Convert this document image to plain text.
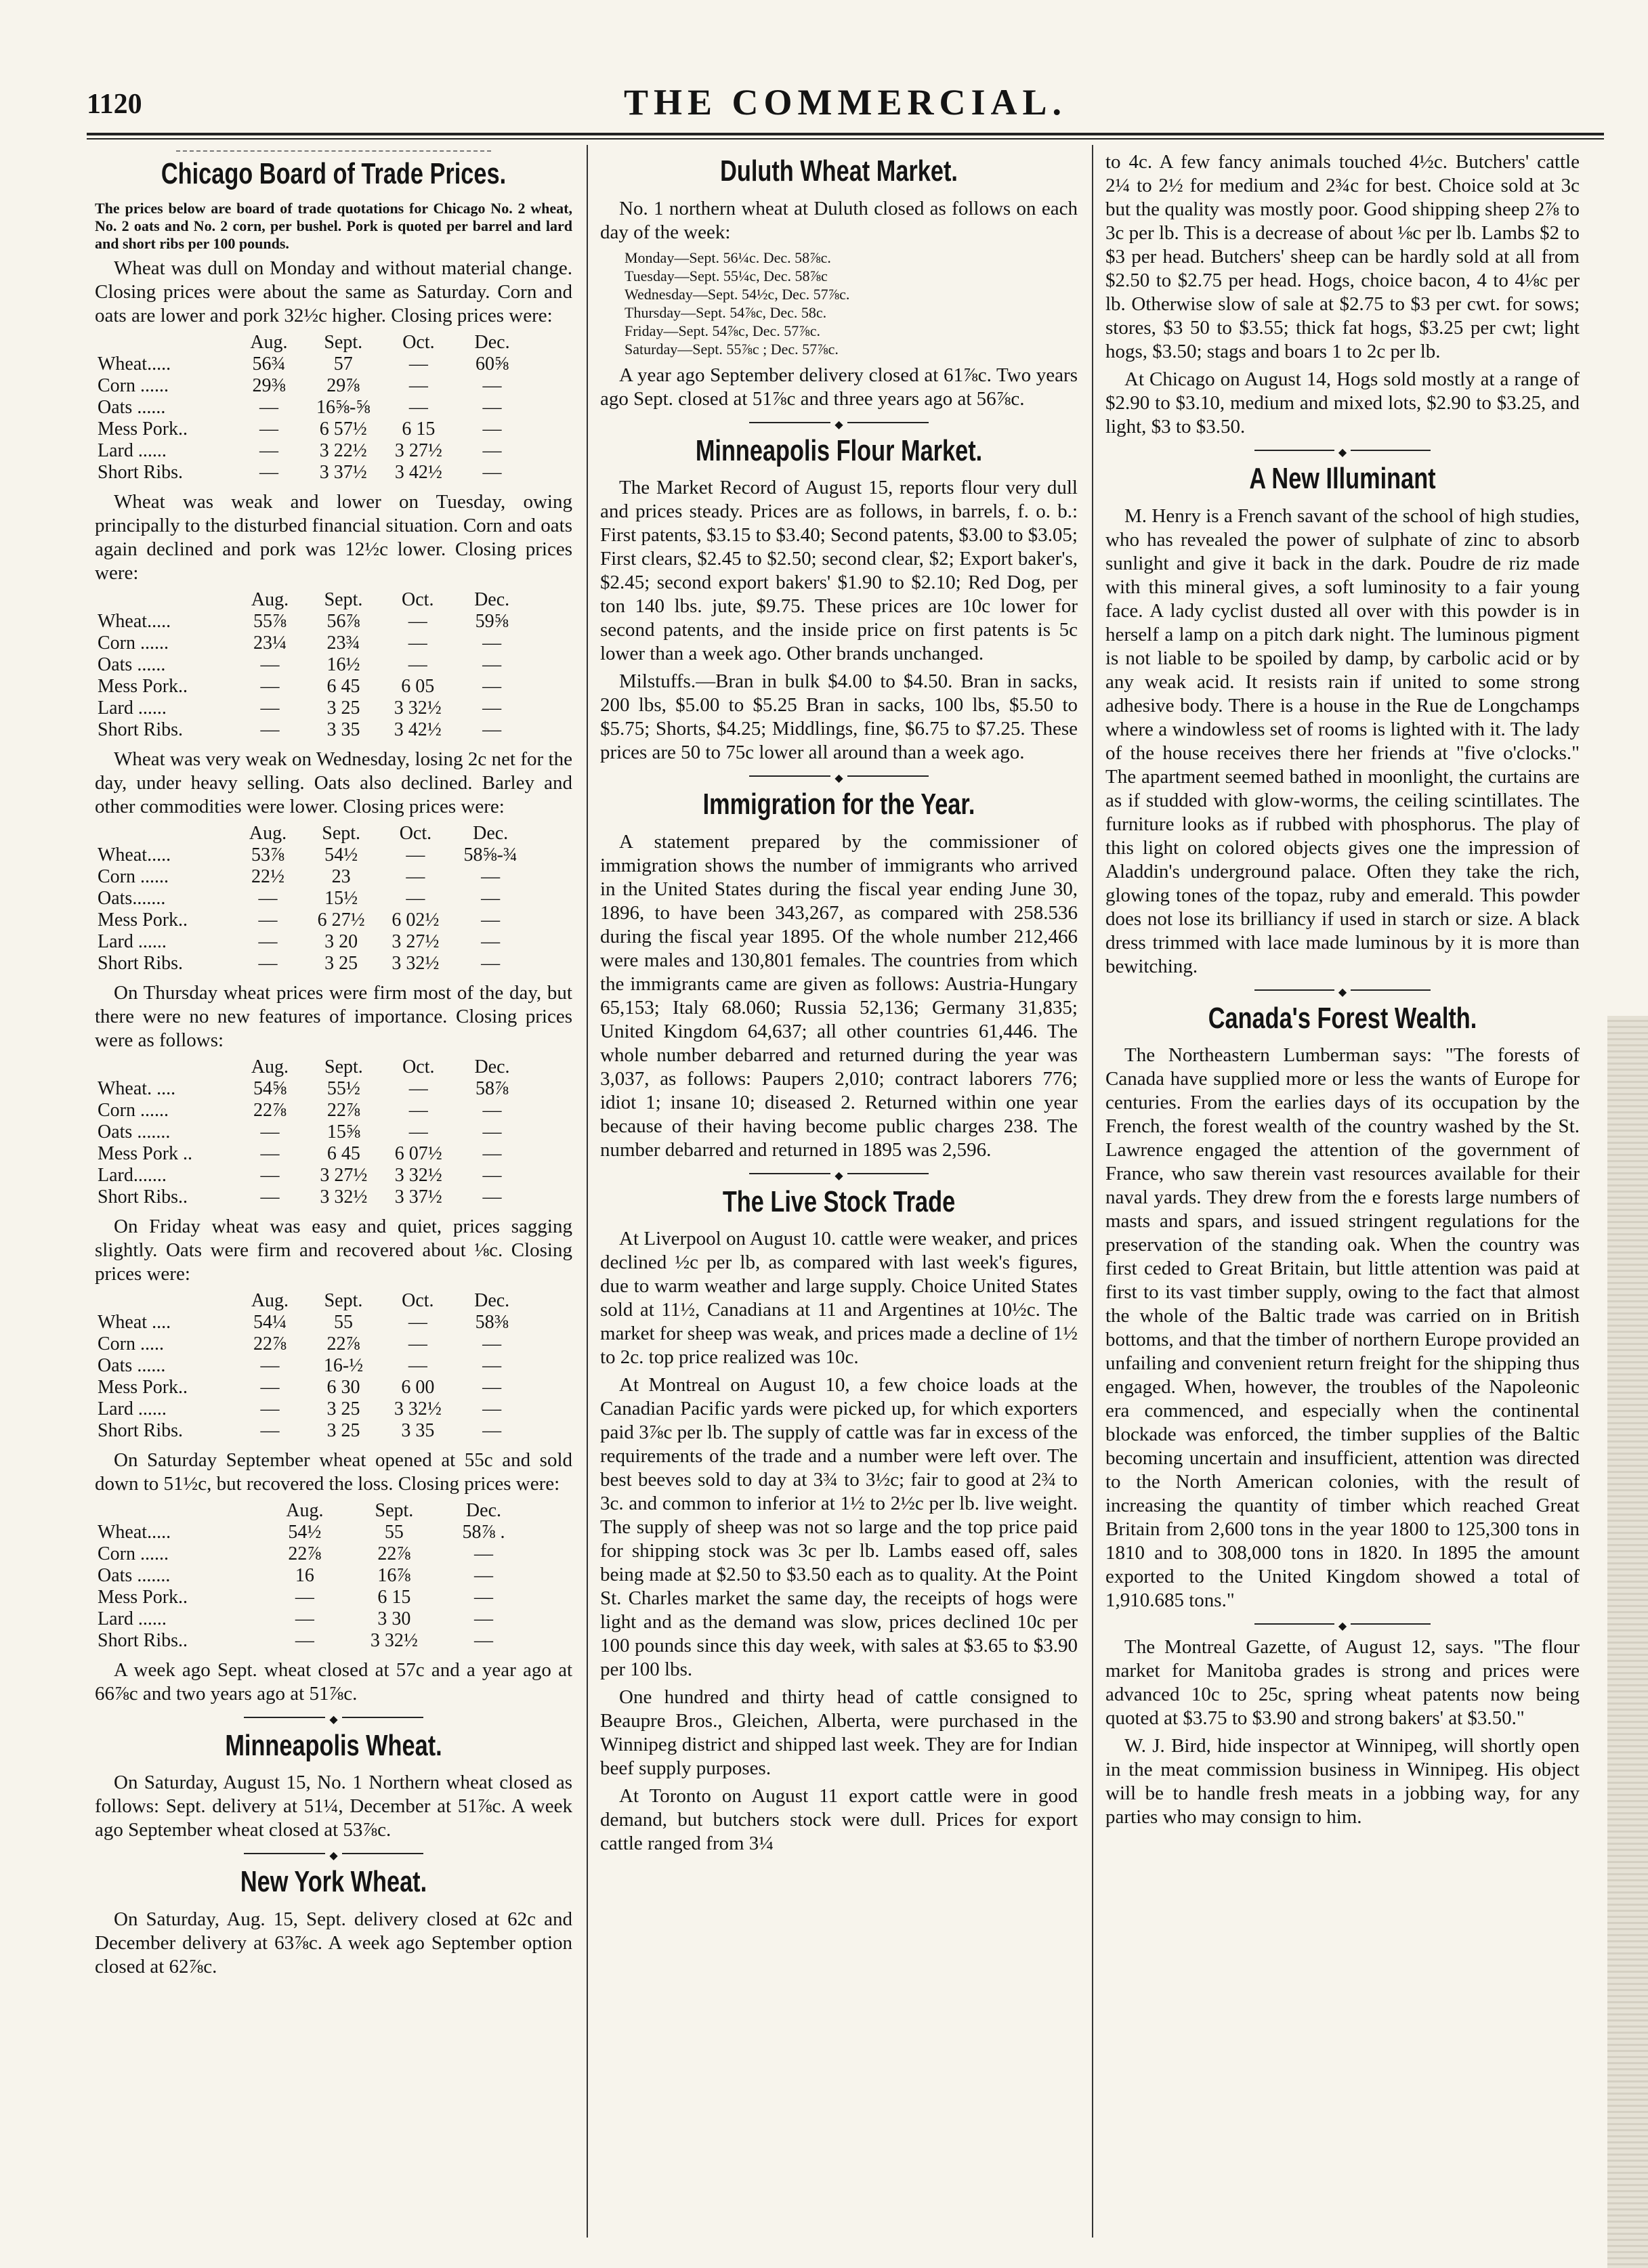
1120	THE COMMERCIAL.
Chicago Board of Trade Prices.

The prices below are board of trade quotations for Chicago No. 2 wheat, No. 2 oats and No. 2 corn, per bushel. Pork is quoted per barrel and lard and short ribs per 100 pounds.

Wheat was dull on Monday and without material change. Closing prices were about the same as Saturday. Corn and oats are lower and pork 32½c higher. Closing prices were:

	Aug.	Sept.	Oct.	Dec.
Wheat.....	56¾	57	—	60⅝
Corn ......	29⅜	29⅞	—	—
Oats ......	—	16⅝-⅝	—	—
Mess Pork..	—	6 57½	6 15	—
Lard ......	—	3 22½	3 27½	—
Short Ribs.	—	3 37½	3 42½	—

Wheat was weak and lower on Tuesday, owing principally to the disturbed financial situation. Corn and oats again declined and pork was 12½c lower. Closing prices were:

	Aug.	Sept.	Oct.	Dec.
Wheat.....	55⅞	56⅞	—	59⅝
Corn ......	23¼	23¾	—	—
Oats ......	—	16½	—	—
Mess Pork..	—	6 45	6 05	—
Lard ......	—	3 25	3 32½	—
Short Ribs.	—	3 35	3 42½	—

Wheat was very weak on Wednesday, losing 2c net for the day, under heavy selling. Oats also declined. Barley and other commodities were lower. Closing prices were:

	Aug.	Sept.	Oct.	Dec.
Wheat.....	53⅞	54½	—	58⅝-¾
Corn ......	22½	23	—	—
Oats.......	—	15½	—	—
Mess Pork..	—	6 27½	6 02½	—
Lard ......	—	3 20	3 27½	—
Short Ribs.	—	3 25	3 32½	—

On Thursday wheat prices were firm most of the day, but there were no new features of importance. Closing prices were as follows:

	Aug.	Sept.	Oct.	Dec.
Wheat. ....	54⅝	55½	—	58⅞
Corn ......	22⅞	22⅞	—	—
Oats .......	—	15⅝	—	—
Mess Pork ..	—	6 45	6 07½	—
Lard.......	—	3 27½	3 32½	—
Short Ribs..	—	3 32½	3 37½	—

On Friday wheat was easy and quiet, prices sagging slightly. Oats were firm and recovered about ⅛c. Closing prices were:

	Aug.	Sept.	Oct.	Dec.
Wheat ....	54¼	55	—	58⅜
Corn .....	22⅞	22⅞	—	—
Oats ......	—	16-½	—	—
Mess Pork..	—	6 30	6 00	—
Lard ......	—	3 25	3 32½	—
Short Ribs.	—	3 25	3 35	—

On Saturday September wheat opened at 55c and sold down to 51½c, but recovered the loss. Closing prices were:

	Aug.	Sept.	Dec.
Wheat.....	54½	55	58⅞ .
Corn ......	22⅞	22⅞	—
Oats .......	16	16⅞	—
Mess Pork..	—	6 15	—
Lard ......	—	3 30	—
Short Ribs..	—	3 32½	—

A week ago Sept. wheat closed at 57c and a year ago at 66⅞c and two years ago at 51⅞c.

◆
Minneapolis Wheat.

On Saturday, August 15, No. 1 Northern wheat closed as follows: Sept. delivery at 51¼, December at 51⅞c. A week ago September wheat closed at 53⅞c.

◆
New York Wheat.

On Saturday, Aug. 15, Sept. delivery closed at 62c and December delivery at 63⅞c. A week ago September option closed at 62⅞c.

Duluth Wheat Market.

No. 1 northern wheat at Duluth closed as follows on each day of the week:

Monday—Sept. 56¼c. Dec. 58⅞c.
Tuesday—Sept. 55¼c, Dec. 58⅞c
Wednesday—Sept. 54½c, Dec. 57⅞c.
Thursday—Sept. 54⅞c, Dec. 58c.
Friday—Sept. 54⅞c, Dec. 57⅞c.
Saturday—Sept. 55⅞c ; Dec. 57⅞c.

A year ago September delivery closed at 61⅞c. Two years ago Sept. closed at 51⅞c and three years ago at 56⅞c.

◆
Minneapolis Flour Market.

The Market Record of August 15, reports flour very dull and prices steady. Prices are as follows, in barrels, f. o. b.: First patents, $3.15 to $3.40; Second patents, $3.00 to $3.05; First clears, $2.45 to $2.50; second clear, $2; Export baker's, $2.45; second export bakers' $1.90 to $2.10; Red Dog, per ton 140 lbs. jute, $9.75. These prices are 10c lower for second patents, and the inside price on first patents is 5c lower than a week ago. Other brands unchanged.

Milstuffs.—Bran in bulk $4.00 to $4.50. Bran in sacks, 200 lbs, $5.00 to $5.25 Bran in sacks, 100 lbs, $5.50 to $5.75; Shorts, $4.25; Middlings, fine, $6.75 to $7.25. These prices are 50 to 75c lower all around than a week ago.

◆
Immigration for the Year.

A statement prepared by the commissioner of immigration shows the number of immigrants who arrived in the United States during the fiscal year ending June 30, 1896, to have been 343,267, as compared with 258.536 during the fiscal year 1895. Of the whole number 212,466 were males and 130,801 females. The countries from which the immigrants came are given as follows: Austria-Hungary 65,153; Italy 68.060; Russia 52,136; Germany 31,835; United Kingdom 64,637; all other countries 61,446. The whole number debarred and returned during the year was 3,037, as follows: Paupers 2,010; contract laborers 776; idiot 1; insane 10; diseased 2. Returned within one year because of their having become public charges 238. The number debarred and returned in 1895 was 2,596.

◆
The Live Stock Trade

At Liverpool on August 10. cattle were weaker, and prices declined ½c per lb, as compared with last week's figures, due to warm weather and large supply. Choice United States sold at 11½, Canadians at 11 and Argentines at 10½c. The market for sheep was weak, and prices made a decline of 1½ to 2c. top price realized was 10c.

At Montreal on August 10, a few choice loads at the Canadian Pacific yards were picked up, for which exporters paid 3⅞c per lb. The supply of cattle was far in excess of the requirements of the trade and a number were left over. The best beeves sold to day at 3¾ to 3½c; fair to good at 2¾ to 3c. and common to inferior at 1½ to 2½c per lb. live weight. The supply of sheep was not so large and the top price paid for shipping stock was 3c per lb. Lambs eased off, sales being made at $2.50 to $3.50 each as to quality. At the Point St. Charles market the same day, the receipts of hogs were light and as the demand was slow, prices declined 10c per 100 pounds since this day week, with sales at $3.65 to $3.90 per 100 lbs.

One hundred and thirty head of cattle consigned to Beaupre Bros., Gleichen, Alberta, were purchased in the Winnipeg district and shipped last week. They are for Indian beef supply purposes.

At Toronto on August 11 export cattle were in good demand, but butchers stock were dull. Prices for export cattle ranged from 3¼

to 4c. A few fancy animals touched 4½c. Butchers' cattle 2¼ to 2½ for medium and 2¾c for best. Choice sold at 3c but the quality was mostly poor. Good shipping sheep 2⅞ to 3c per lb. This is a decrease of about ⅛c per lb. Lambs $2 to $3 per head. Butchers' sheep can be hardly sold at all from $2.50 to $2.75 per head. Hogs, choice bacon, 4 to 4⅛c per lb. Otherwise slow of sale at $2.75 to $3 per cwt. for sows; stores, $3 50 to $3.55; thick fat hogs, $3.25 per cwt; light hogs, $3.50; stags and boars 1 to 2c per lb.

At Chicago on August 14, Hogs sold mostly at a range of $2.90 to $3.10, medium and mixed lots, $2.90 to $3.25, and light, $3 to $3.50.

◆
A New Illuminant

M. Henry is a French savant of the school of high studies, who has revealed the power of sulphate of zinc to absorb sunlight and give it back in the dark. Poudre de riz made with this mineral gives, a soft luminosity to a fair young face. A lady cyclist dusted all over with this powder is in herself a lamp on a pitch dark night. The luminous pigment is not liable to be spoiled by damp, by carbolic acid or by any weak acid. It resists rain if united to some strong adhesive body. There is a house in the Rue de Longchamps where a windowless set of rooms is lighted with it. The lady of the house receives there her friends at "five o'clocks." The apartment seemed bathed in moonlight, the curtains are as if studded with glow-worms, the ceiling scintillates. The furniture looks as if rubbed with phosphorus. The play of this light on colored objects gives one the impression of Aladdin's underground palace. Often they take the rich, glowing tones of the topaz, ruby and emerald. This powder does not lose its brilliancy if used in starch or size. A black dress trimmed with lace made luminous by it is more than bewitching.

◆
Canada's Forest Wealth.

The Northeastern Lumberman says: "The forests of Canada have supplied more or less the wants of Europe for centuries. From the earlies days of its occupation by the French, the forest wealth of the country washed by the St. Lawrence engaged the attention of the government of France, who saw therein vast resources available for their naval yards. They drew from the e forests large numbers of masts and spars, and issued stringent regulations for the preservation of the standing oak. When the country was first ceded to Great Britain, but little attention was paid at first to its vast timber supply, owing to the fact that almost the whole of the Baltic trade was carried on in British bottoms, and that the timber of northern Europe provided an unfailing and convenient return freight for the shipping thus engaged. When, however, the troubles of the Napoleonic era commenced, and especially when the continental blockade was enforced, the timber supplies of the Baltic becoming uncertain and insufficient, attention was directed to the North American colonies, with the result of increasing the quantity of timber which reached Great Britain from 2,600 tons in the year 1800 to 125,300 tons in 1810 and to 308,000 tons in 1820. In 1895 the amount exported to the United Kingdom showed a total of 1,910.685 tons."

◆

The Montreal Gazette, of August 12, says. "The flour market for Manitoba grades is strong and prices were advanced 10c to 25c, spring wheat patents now being quoted at $3.75 to $3.90 and strong bakers' at $3.50."

W. J. Bird, hide inspector at Winnipeg, will shortly open in the meat commission business in Winnipeg. His object will be to handle fresh meats in a jobbing way, for any parties who may consign to him.
